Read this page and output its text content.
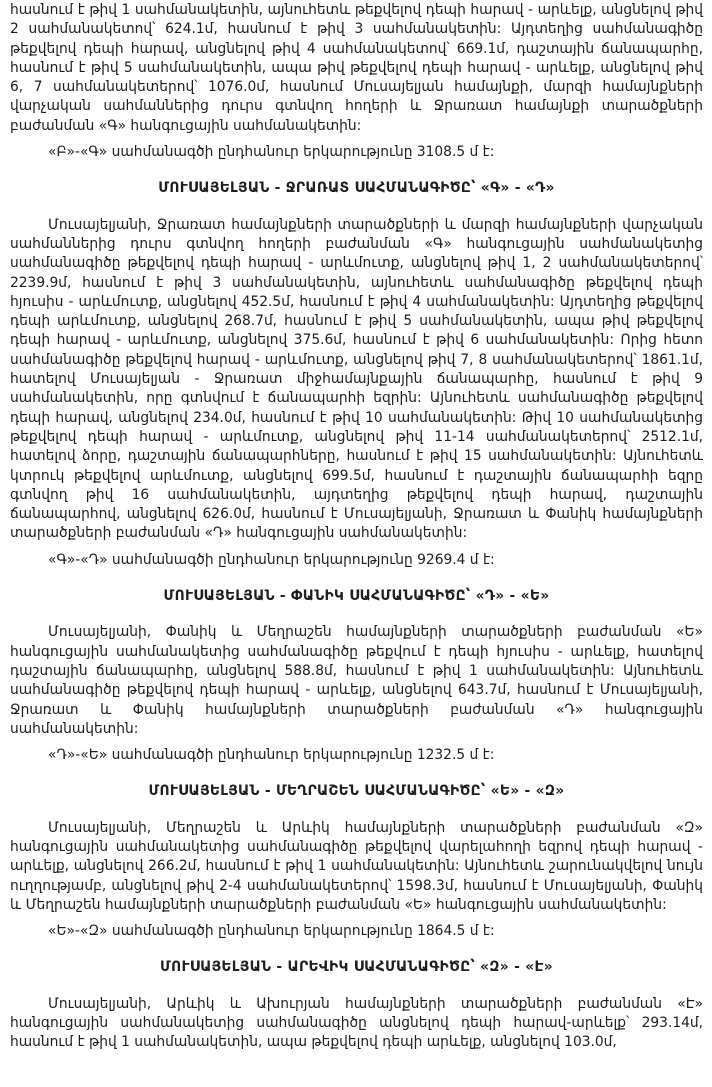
հասնում է թիվ 1 սահմանակետին, այնուհետև թեքվելով դեպի հարավ - արևելք, անցնելով թիվ 2 սահմանակետով՝ 624.1մ, հասնում է թիվ 3 սահմանակետին: Այդտեղից սահմանագիծը թեքվելով դեպի հարավ, անցնելով թիվ 4 սահմանակետով՝ 669.1մ, դաշտային ճանապարհը, հասնում է թիվ 5 սահմանակետին, ապա թիվ թեքվելով դեպի հարավ - արևելք, անցնելով թիվ 6, 7 սահմանակետերով՝ 1076.0մ, հասնում Մուսայելյան համայնքի, մարզի համայնքների վարչական սահմաններից դուրս գտնվող հողերի և Ջրառատ համայնքի տարածքների բաժանման «Գ» հանգուցային սահմանակետին:

«Բ»-«Գ» սահմանագծի ընդհանուր երկարությունը 3108.5 մ է:

ՄՈՒՍԱՅԵԼՅԱՆ - ՋՐԱՌԱՏ ՍԱՀՄԱՆԱԳԻԾԸ՝ «Գ» - «Դ»

Մուսայելյանի, Ջրառատ համայնքների տարածքների և մարզի համայնքների վարչական սահմաններից դուրս գտնվող հողերի բաժանման «Գ» հանգուցային սահմանակետից սահմանագիծը թեքվելով դեպի հարավ - արևմուտք, անցնելով թիվ 1, 2 սահմանակետերով՝ 2239.9մ, հասնում է թիվ 3 սահմանակետին, այնուհետև սահմանագիծը թեքվելով դեպի հյուսիս - արևմուտք, անցնելով 452.5մ, հասնում է թիվ 4 սահմանակետին: Այդտեղից թեքվելով դեպի արևմուտք, անցնելով 268.7մ, հասնում է թիվ 5 սահմանակետին, ապա թիվ թեքվելով դեպի հարավ - արևմուտք, անցնելով 375.6մ, հասնում է թիվ 6 սահմանակետին: Որից հետո սահմանագիծը թեքվելով հարավ - արևմուտք, անցնելով թիվ 7, 8 սահմանակետերով՝ 1861.1մ, հատելով Մուսայելյան - Ջրառատ միջհամայնքային ճանապարհը, հասնում է թիվ 9 սահմանակետին, որը գտնվում է ճանապարհի եզրին: Այնուհետև սահմանագիծը թեքվելով դեպի հարավ, անցնելով 234.0մ, հասնում է թիվ 10 սահմանակետին: Թիվ 10 սահմանակետից թեքվելով դեպի հարավ - արևմուտք, անցնելով թիվ 11-14 սահմանակետերով՝ 2512.1մ, հատելով ձորը, դաշտային ճանապարհները, հասնում է թիվ 15 սահմանակետին: Այնուհետև կտրուկ թեքվելով արևմուտք, անցնելով 699.5մ, հասնում է դաշտային ճանապարհի եզրը գտնվող թիվ 16 սահմանակետին, այդտեղից թեքվելով դեպի հարավ, դաշտային ճանապարհով, անցնելով 626.0մ, հասնում է Մուսայելյանի, Ջրառատ և Փանիկ համայնքների տարածքների բաժանման «Դ» հանգուցային սահմանակետին:

«Գ»-«Դ» սահմանագծի ընդհանուր երկարությունը 9269.4 մ է:

ՄՈՒՍԱՅԵԼՅԱՆ - ՓԱՆԻԿ ՍԱՀՄԱՆԱԳԻԾԸ՝ «Դ» - «Ե»

Մուսայելյանի, Փանիկ և Մեղրաշեն համայնքների տարածքների բաժանման «Ե» հանգուցային սահմանակետից սահմանագիծը թեքվում է դեպի հյուսիս - արևելք, հատելով դաշտային ճանապարհը, անցնելով 588.8մ, հասնում է թիվ 1 սահմանակետին: Այնուհետև սահմանագիծը թեքվելով դեպի հարավ - արևելք, անցնելով 643.7մ, հասնում է Մուսայելյանի, Ջրառատ և Փանիկ համայնքների տարածքների բաժանման «Դ» հանգուցային սահմանակետին:

«Դ»-«Ե» սահմանագծի ընդհանուր երկարությունը 1232.5 մ է:

ՄՈՒՍԱՅԵԼՅԱՆ - ՄԵՂՐԱՇԵՆ ՍԱՀՄԱՆԱԳԻԾԸ՝ «Ե» - «Զ»

Մուսայելյանի, Մեղրաշեն և Արևիկ համայնքների տարածքների բաժանման «Զ» հանգուցային սահմանակետից սահմանագիծը թեքվելով վարելահողի եզրով դեպի հարավ - արևելք, անցնելով 266.2մ, հասնում է թիվ 1 սահմանակետին: Այնուհետև շարունակվելով նույն ուղղությամբ, անցնելով թիվ 2-4 սահմանակետերով՝ 1598.3մ, հասնում է Մուսայելյանի, Փանիկ և Մեղրաշեն համայնքների տարածքների բաժանման «Ե» հանգուցային սահմանակետին:

«Ե»-«Զ» սահմանագծի ընդհանուր երկարությունը 1864.5 մ է:

ՄՈՒՍԱՅԵԼՅԱՆ - ԱՐԵՎԻԿ ՍԱՀՄԱՆԱԳԻԾԸ՝ «Զ» - «Է»

Մուսայելյանի, Արևիկ և Ախուրյան համայնքների տարածքների բաժանման «Է» հանգուցային սահմանակետից սահմանագիծը անցնելով դեպի հարավ-արևելք՝ 293.14մ, հասնում է թիվ 1 սահմանակետին, ապա թեքվելով դեպի արևելք, անցնելով 103.0մ,
